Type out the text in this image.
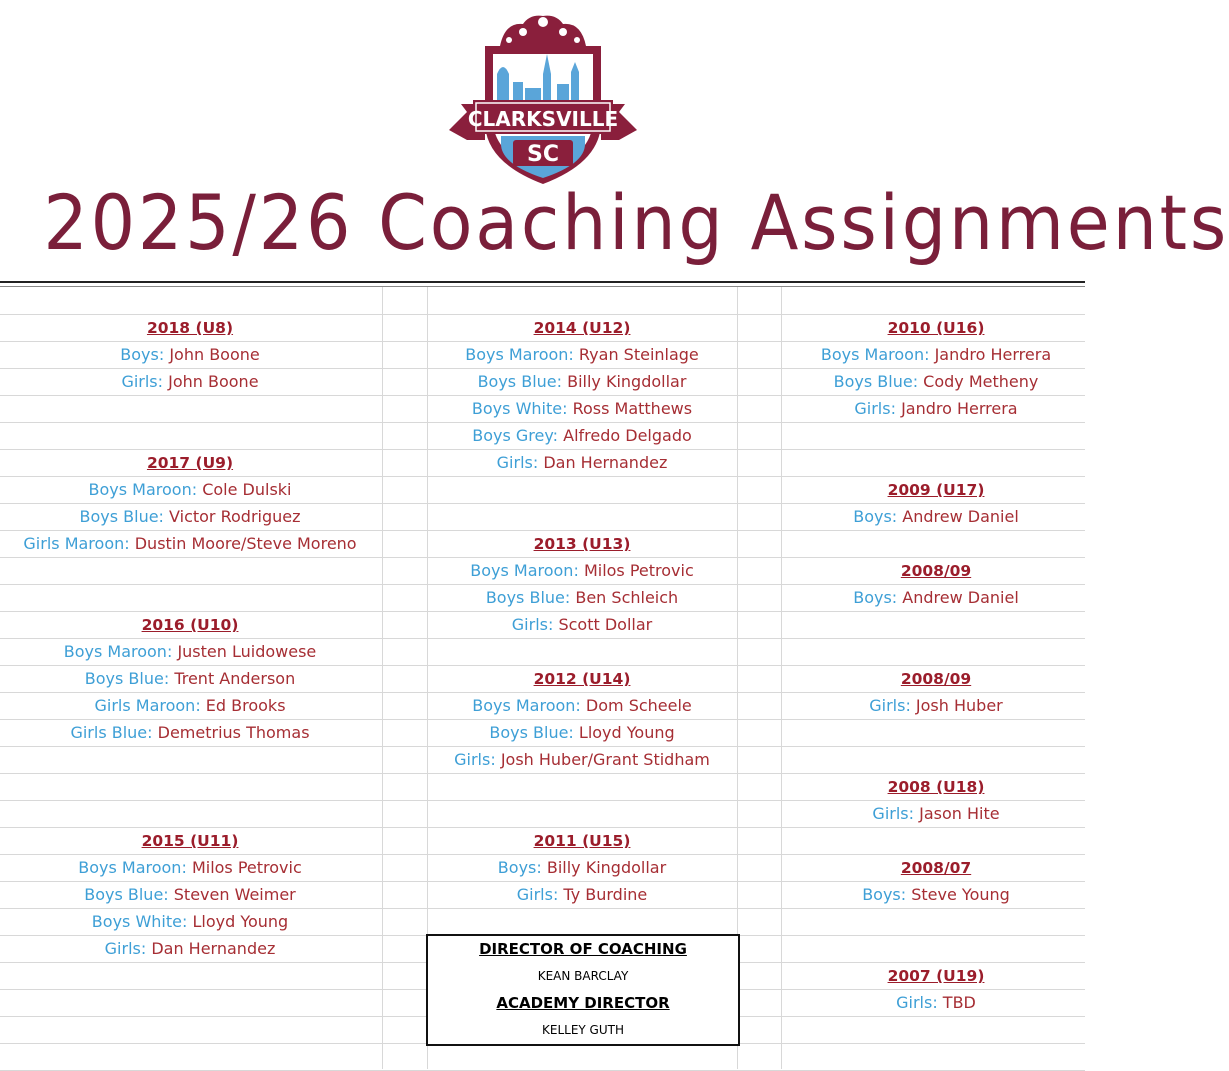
CLARKSVILLE
SC
2025/26 Coaching Assignments
2018 (U8)
Boys: John Boone
Girls: John Boone
2017 (U9)
Boys Maroon: Cole Dulski
Boys Blue: Victor Rodriguez
Girls Maroon: Dustin Moore/Steve Moreno
2016 (U10)
Boys Maroon: Justen Luidowese
Boys Blue: Trent Anderson
Girls Maroon: Ed Brooks
Girls Blue: Demetrius Thomas
2015 (U11)
Boys Maroon: Milos Petrovic
Boys Blue: Steven Weimer
Boys White: Lloyd Young
Girls: Dan Hernandez
2014 (U12)
Boys Maroon: Ryan Steinlage
Boys Blue: Billy Kingdollar
Boys White: Ross Matthews
Boys Grey: Alfredo Delgado
Girls: Dan Hernandez
2013 (U13)
Boys Maroon: Milos Petrovic
Boys Blue: Ben Schleich
Girls: Scott Dollar
2012 (U14)
Boys Maroon: Dom Scheele
Boys Blue: Lloyd Young
Girls: Josh Huber/Grant Stidham
2011 (U15)
Boys: Billy Kingdollar
Girls: Ty Burdine
2010 (U16)
Boys Maroon: Jandro Herrera
Boys Blue: Cody Metheny
Girls: Jandro Herrera
2009 (U17)
Boys: Andrew Daniel
2008/09
Boys: Andrew Daniel
2008/09
Girls: Josh Huber
2008 (U18)
Girls: Jason Hite
2008/07
Boys: Steve Young
2007 (U19)
Girls: TBD
DIRECTOR OF COACHING
KEAN BARCLAY
ACADEMY DIRECTOR
KELLEY GUTH
